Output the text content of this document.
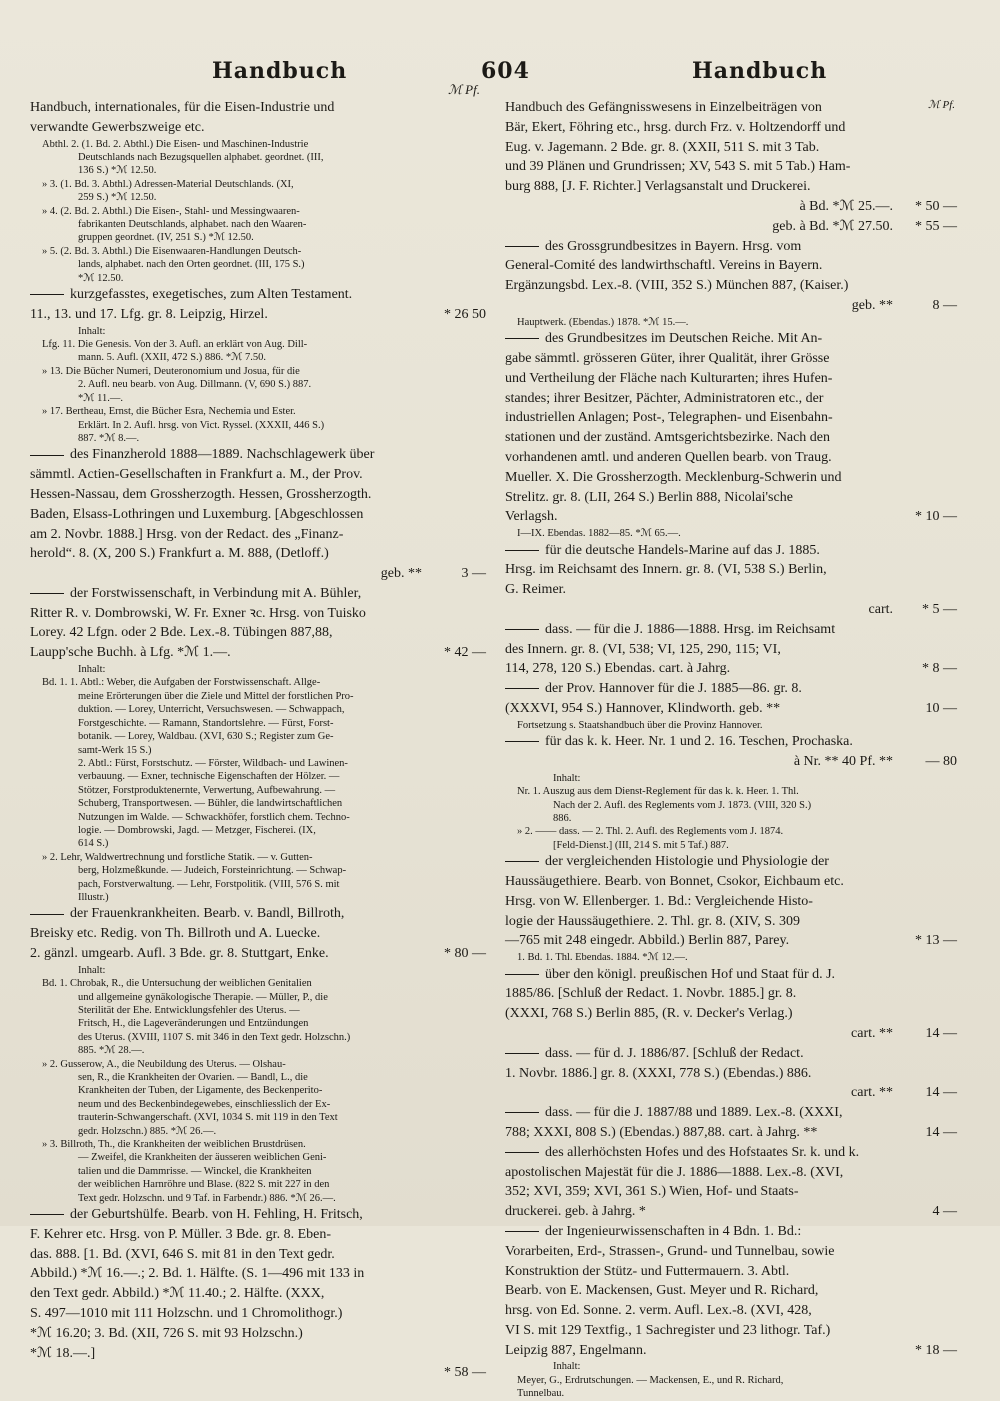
Handbuch	604	Handbuch
ℳ Pf.
ℳ Pf.
Handbuch, internationales, für die Eisen-Industrie und
verwandte Gewerbszweige etc.
Abthl. 2. (1. Bd. 2. Abthl.) Die Eisen- und Maschinen-Industrie
Deutschlands nach Bezugsquellen alphabet. geordnet. (III,
136 S.) *ℳ 12.50.
» 3. (1. Bd. 3. Abthl.) Adressen-Material Deutschlands. (XI,
259 S.) *ℳ 12.50.
» 4. (2. Bd. 2. Abthl.) Die Eisen-, Stahl- und Messingwaaren-
fabrikanten Deutschlands, alphabet. nach den Waaren-
gruppen geordnet. (IV, 251 S.) *ℳ 12.50.
» 5. (2. Bd. 3. Abthl.) Die Eisenwaaren-Handlungen Deutsch-
lands, alphabet. nach den Orten geordnet. (III, 175 S.)
*ℳ 12.50.
kurzgefasstes, exegetisches, zum Alten Testament.
11., 13. und 17. Lfg. gr. 8. Leipzig, Hirzel.	* 26 50
Inhalt:
Lfg. 11. Die Genesis. Von der 3. Aufl. an erklärt von Aug. Dill-
mann. 5. Aufl. (XXII, 472 S.) 886. *ℳ 7.50.
» 13. Die Bücher Numeri, Deuteronomium und Josua, für die
2. Aufl. neu bearb. von Aug. Dillmann. (V, 690 S.) 887.
*ℳ 11.—.
» 17. Bertheau, Ernst, die Bücher Esra, Nechemia und Ester.
Erklärt. In 2. Aufl. hrsg. von Vict. Ryssel. (XXXII, 446 S.)
887. *ℳ 8.—.
des Finanzherold 1888—1889. Nachschlagewerk über
sämmtl. Actien-Gesellschaften in Frankfurt a. M., der Prov.
Hessen-Nassau, dem Grossherzogth. Hessen, Grossherzogth.
Baden, Elsass-Lothringen und Luxemburg. [Abgeschlossen
am 2. Novbr. 1888.] Hrsg. von der Redact. des „Finanz-
herold“. 8. (X, 200 S.) Frankfurt a. M. 888, (Detloff.)
geb. **	3 —
der Forstwissenschaft, in Verbindung mit A. Bühler,
Ritter R. v. Dombrowski, W. Fr. Exner ꝛc. Hrsg. von Tuisko
Lorey. 42 Lfgn. oder 2 Bde. Lex.-8. Tübingen 887,88,
Laupp'sche Buchh. à Lfg. *ℳ 1.—.	* 42 —
Inhalt:
Bd. 1. 1. Abtl.: Weber, die Aufgaben der Forstwissenschaft. Allge-
meine Erörterungen über die Ziele und Mittel der forstlichen Pro-
duktion. — Lorey, Unterricht, Versuchswesen. — Schwappach,
Forstgeschichte. — Ramann, Standortslehre. — Fürst, Forst-
botanik. — Lorey, Waldbau. (XVI, 630 S.; Register zum Ge-
samt-Werk 15 S.)
2. Abtl.: Fürst, Forstschutz. — Förster, Wildbach- und Lawinen-
verbauung. — Exner, technische Eigenschaften der Hölzer. —
Stötzer, Forstproduktenernte, Verwertung, Aufbewahrung. —
Schuberg, Transportwesen. — Bühler, die landwirtschaftlichen
Nutzungen im Walde. — Schwackhöfer, forstlich chem. Techno-
logie. — Dombrowski, Jagd. — Metzger, Fischerei. (IX,
614 S.)
» 2. Lehr, Waldwertrechnung und forstliche Statik. — v. Gutten-
berg, Holzmeßkunde. — Judeich, Forsteinrichtung. — Schwap-
pach, Forstverwaltung. — Lehr, Forstpolitik. (VIII, 576 S. mit
Illustr.)
der Frauenkrankheiten. Bearb. v. Bandl, Billroth,
Breisky etc. Redig. von Th. Billroth und A. Luecke.
2. gänzl. umgearb. Aufl. 3 Bde. gr. 8. Stuttgart, Enke.	* 80 —
Inhalt:
Bd. 1. Chrobak, R., die Untersuchung der weiblichen Genitalien
und allgemeine gynäkologische Therapie. — Müller, P., die
Sterilität der Ehe. Entwicklungsfehler des Uterus. —
Fritsch, H., die Lageveränderungen und Entzündungen
des Uterus. (XVIII, 1107 S. mit 346 in den Text gedr. Holzschn.)
885. *ℳ 28.—.
» 2. Gusserow, A., die Neubildung des Uterus. — Olshau-
sen, R., die Krankheiten der Ovarien. — Bandl, L., die
Krankheiten der Tuben, der Ligamente, des Beckenperito-
neum und des Beckenbindegewebes, einschliesslich der Ex-
trauterin-Schwangerschaft. (XVI, 1034 S. mit 119 in den Text
gedr. Holzschn.) 885. *ℳ 26.—.
» 3. Billroth, Th., die Krankheiten der weiblichen Brustdrüsen.
— Zweifel, die Krankheiten der äusseren weiblichen Geni-
talien und die Dammrisse. — Winckel, die Krankheiten
der weiblichen Harnröhre und Blase. (822 S. mit 227 in den
Text gedr. Holzschn. und 9 Taf. in Farbendr.) 886. *ℳ 26.—.
der Geburtshülfe. Bearb. von H. Fehling, H. Fritsch,
F. Kehrer etc. Hrsg. von P. Müller. 3 Bde. gr. 8. Eben-
das. 888. [1. Bd. (XVI, 646 S. mit 81 in den Text gedr.
Abbild.) *ℳ 16.—.; 2. Bd. 1. Hälfte. (S. 1—496 mit 133 in
den Text gedr. Abbild.) *ℳ 11.40.; 2. Hälfte. (XXX,
S. 497—1010 mit 111 Holzschn. und 1 Chromolithogr.)
*ℳ 16.20; 3. Bd. (XII, 726 S. mit 93 Holzschn.)
*ℳ 18.—.]
* 58 —
Handbuch des Gefängnisswesens in Einzelbeiträgen von
Bär, Ekert, Föhring etc., hrsg. durch Frz. v. Holtzendorff und
Eug. v. Jagemann. 2 Bde. gr. 8. (XXII, 511 S. mit 3 Tab.
und 39 Plänen und Grundrissen; XV, 543 S. mit 5 Tab.) Ham-
burg 888, [J. F. Richter.] Verlagsanstalt und Druckerei.
à Bd. *ℳ 25.—. * 50 —
geb. à Bd. *ℳ 27.50. * 55 —
des Grossgrundbesitzes in Bayern. Hrsg. vom
General-Comité des landwirthschaftl. Vereins in Bayern.
Ergänzungsbd. Lex.-8. (VIII, 352 S.) München 887, (Kaiser.)
geb. **	8 —
Hauptwerk. (Ebendas.) 1878. *ℳ 15.—.
des Grundbesitzes im Deutschen Reiche. Mit An-
gabe sämmtl. grösseren Güter, ihrer Qualität, ihrer Grösse
und Vertheilung der Fläche nach Kulturarten; ihres Hufen-
standes; ihrer Besitzer, Pächter, Administratoren etc., der
industriellen Anlagen; Post-, Telegraphen- und Eisenbahn-
stationen und der zuständ. Amtsgerichtsbezirke. Nach den
vorhandenen amtl. und anderen Quellen bearb. von Traug.
Mueller. X. Die Grossherzogth. Mecklenburg-Schwerin und
Strelitz. gr. 8. (LII, 264 S.) Berlin 888, Nicolai'sche
Verlagsh.	* 10 —
I—IX. Ebendas. 1882—85. *ℳ 65.—.
für die deutsche Handels-Marine auf das J. 1885.
Hrsg. im Reichsamt des Innern. gr. 8. (VI, 538 S.) Berlin,
G. Reimer.
cart. * 5 —
dass. — für die J. 1886—1888. Hrsg. im Reichsamt
des Innern. gr. 8. (VI, 538; VI, 125, 290, 115; VI,
114, 278, 120 S.) Ebendas. cart. à Jahrg.	* 8 —
der Prov. Hannover für die J. 1885—86. gr. 8.
(XXXVI, 954 S.) Hannover, Klindworth. geb. **	10 —
Fortsetzung s. Staatshandbuch über die Provinz Hannover.
für das k. k. Heer. Nr. 1 und 2. 16. Teschen, Prochaska.
à Nr. ** 40 Pf. ** — 80
Inhalt:
Nr. 1. Auszug aus dem Dienst-Reglement für das k. k. Heer. 1. Thl.
Nach der 2. Aufl. des Reglements vom J. 1873. (VIII, 320 S.)
886.
» 2. —— dass. — 2. Thl. 2. Aufl. des Reglements vom J. 1874.
[Feld-Dienst.] (III, 214 S. mit 5 Taf.) 887.
der vergleichenden Histologie und Physiologie der
Haussäugethiere. Bearb. von Bonnet, Csokor, Eichbaum etc.
Hrsg. von W. Ellenberger. 1. Bd.: Vergleichende Histo-
logie der Haussäugethiere. 2. Thl. gr. 8. (XIV, S. 309
—765 mit 248 eingedr. Abbild.) Berlin 887, Parey.	* 13 —
1. Bd. 1. Thl. Ebendas. 1884. *ℳ 12.—.
über den königl. preußischen Hof und Staat für d. J.
1885/86. [Schluß der Redact. 1. Novbr. 1885.] gr. 8.
(XXXI, 768 S.) Berlin 885, (R. v. Decker's Verlag.)
cart. ** 14 —
dass. — für d. J. 1886/87. [Schluß der Redact.
1. Novbr. 1886.] gr. 8. (XXXI, 778 S.) (Ebendas.) 886.
cart. ** 14 —
dass. — für die J. 1887/88 und 1889. Lex.-8. (XXXI,
788; XXXI, 808 S.) (Ebendas.) 887,88. cart. à Jahrg. **	14 —
des allerhöchsten Hofes und des Hofstaates Sr. k. und k.
apostolischen Majestät für die J. 1886—1888. Lex.-8. (XVI,
352; XVI, 359; XVI, 361 S.) Wien, Hof- und Staats-
druckerei. geb. à Jahrg. *	4 —
der Ingenieurwissenschaften in 4 Bdn. 1. Bd.:
Vorarbeiten, Erd-, Strassen-, Grund- und Tunnelbau, sowie
Konstruktion der Stütz- und Futtermauern. 3. Abtl.
Bearb. von E. Mackensen, Gust. Meyer und R. Richard,
hrsg. von Ed. Sonne. 2. verm. Aufl. Lex.-8. (XVI, 428,
VI S. mit 129 Textfig., 1 Sachregister und 23 lithogr. Taf.)
Leipzig 887, Engelmann.	* 18 —
Inhalt:
Meyer, G., Erdrutschungen. — Mackensen, E., und R. Richard,
Tunnelbau.
